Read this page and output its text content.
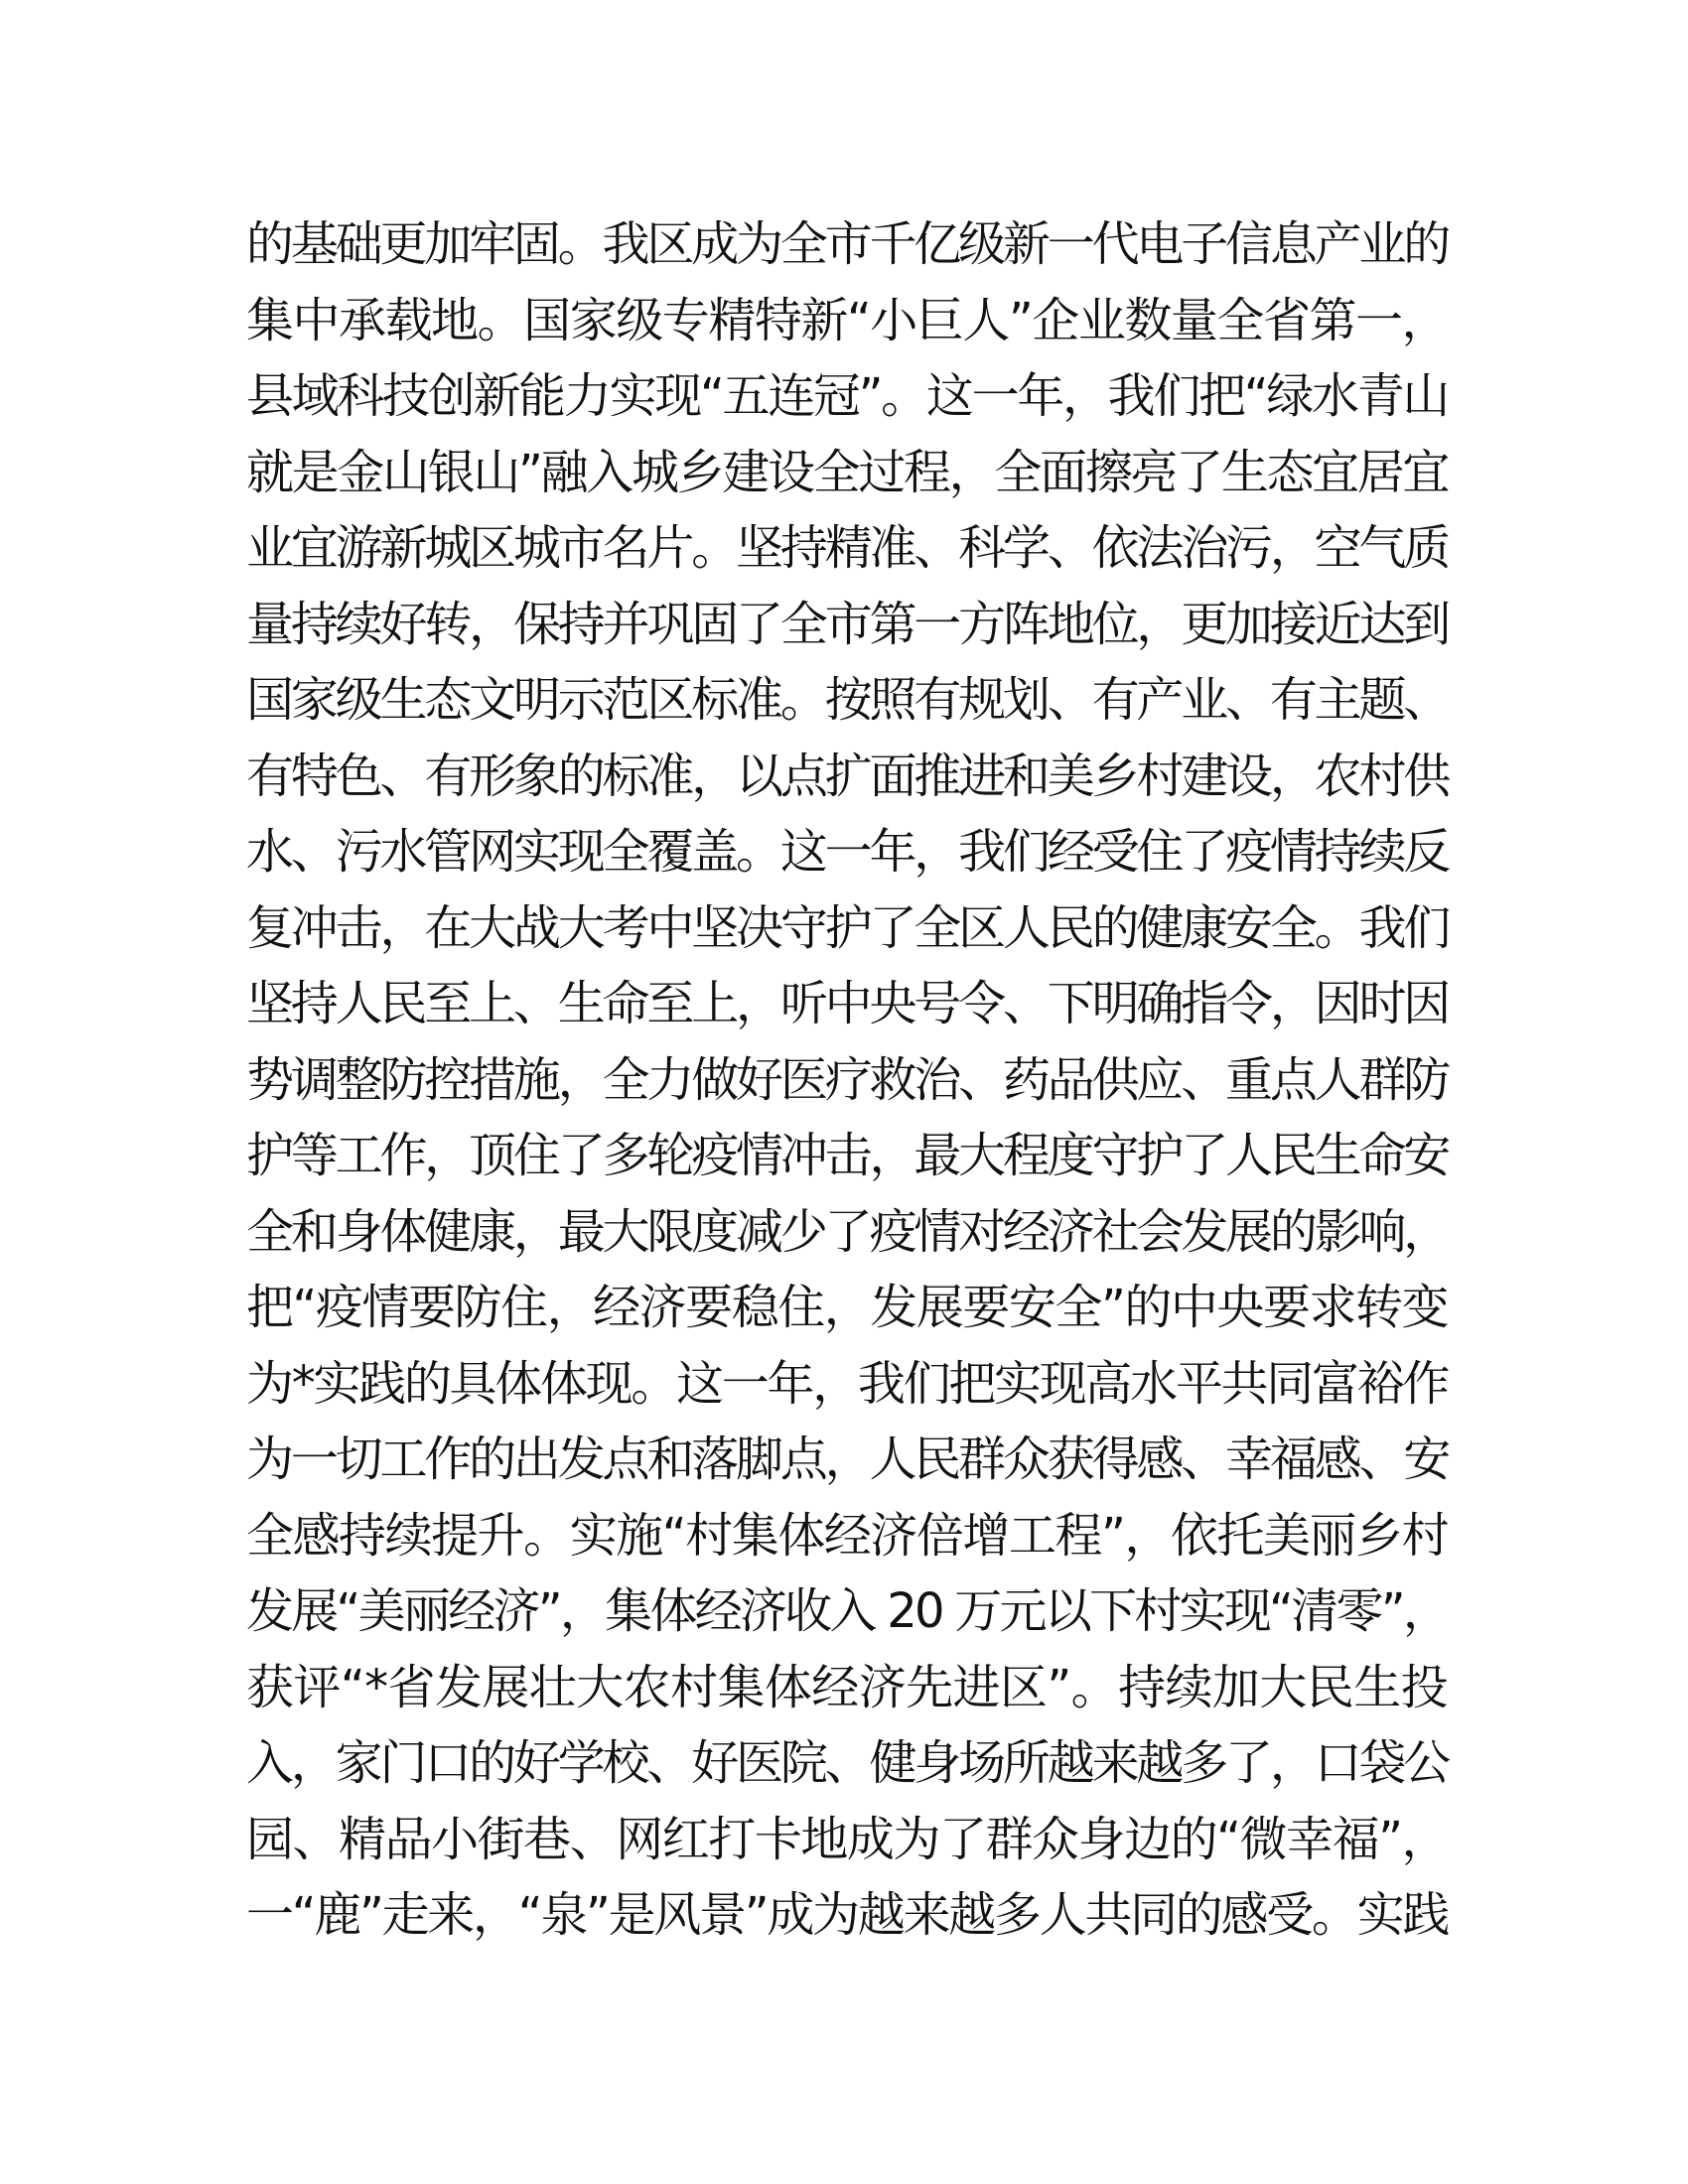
的基础更加牢固。我区成为全市千亿级新一代电子信息产业的
集中承载地。国家级专精特新“小巨人”企业数量全省第一，
县域科技创新能力实现“五连冠”。这一年，我们把“绿水青山
就是金山银山”融入城乡建设全过程，全面擦亮了生态宜居宜
业宜游新城区城市名片。坚持精准、科学、依法治污，空气质
量持续好转，保持并巩固了全市第一方阵地位，更加接近达到
国家级生态文明示范区标准。按照有规划、有产业、有主题、
有特色、有形象的标准，以点扩面推进和美乡村建设，农村供
水、污水管网实现全覆盖。这一年，我们经受住了疫情持续反
复冲击，在大战大考中坚决守护了全区人民的健康安全。我们
坚持人民至上、生命至上，听中央号令、下明确指令，因时因
势调整防控措施，全力做好医疗救治、药品供应、重点人群防
护等工作，顶住了多轮疫情冲击，最大程度守护了人民生命安
全和身体健康，最大限度减少了疫情对经济社会发展的影响，
把“疫情要防住，经济要稳住，发展要安全”的中央要求转变
为*实践的具体体现。这一年，我们把实现高水平共同富裕作
为一切工作的出发点和落脚点，人民群众获得感、幸福感、安
全感持续提升。实施“村集体经济倍增工程”，依托美丽乡村
发展“美丽经济”，集体经济收入 20 万元以下村实现“清零”，
获评“*省发展壮大农村集体经济先进区”。持续加大民生投
入，家门口的好学校、好医院、健身场所越来越多了，口袋公
园、精品小街巷、网红打卡地成为了群众身边的“微幸福”，
一“鹿”走来，“泉”是风景”成为越来越多人共同的感受。实践
